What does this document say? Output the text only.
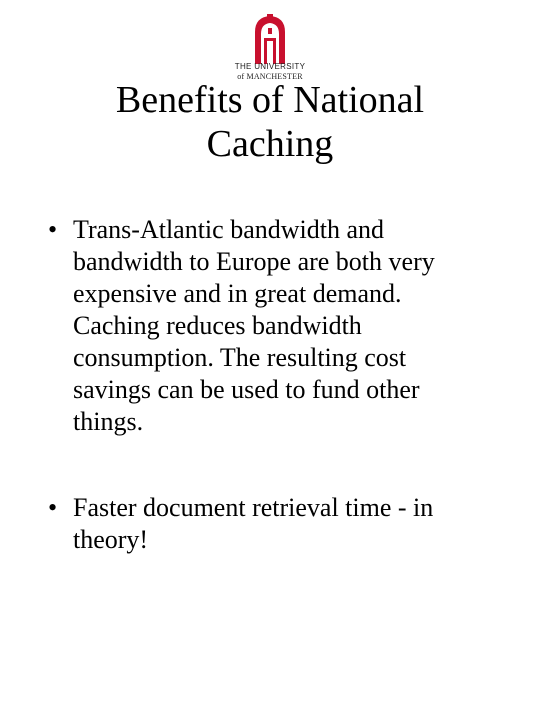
THE UNIVERSITY
of MANCHESTER
Benefits of National
Caching
• Trans-Atlantic bandwidth and bandwidth to Europe are both very expensive and in great demand. Caching reduces bandwidth consumption. The resulting cost savings can be used to fund other things.
• Faster document retrieval time - in theory!
